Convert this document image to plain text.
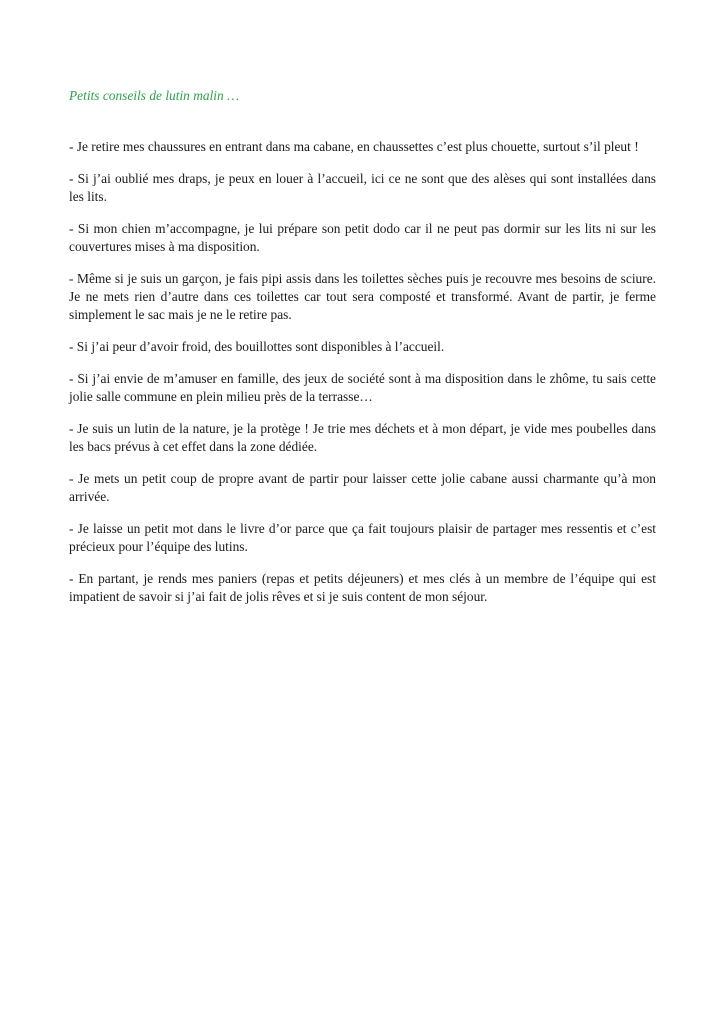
Petits conseils de lutin malin …

- Je retire mes chaussures en entrant dans ma cabane, en chaussettes c’est plus chouette, surtout s’il pleut !

- Si j’ai oublié mes draps, je peux en louer à l’accueil, ici ce ne sont que des alèses qui sont installées dans les lits.

- Si mon chien m’accompagne, je lui prépare son petit dodo car il ne peut pas dormir sur les lits ni sur les couvertures mises à ma disposition.

- Même si je suis un garçon, je fais pipi assis dans les toilettes sèches puis je recouvre mes besoins de sciure. Je ne mets rien d’autre dans ces toilettes car tout sera composté et transformé. Avant de partir, je ferme simplement le sac mais je ne le retire pas.

- Si j’ai peur d’avoir froid, des bouillottes sont disponibles à l’accueil.

- Si j’ai envie de m’amuser en famille, des jeux de société sont à ma disposition dans le zhôme, tu sais cette jolie salle commune en plein milieu près de la terrasse…

- Je suis un lutin de la nature, je la protège ! Je trie mes déchets et à mon départ, je vide mes poubelles dans les bacs prévus à cet effet dans la zone dédiée.

- Je mets un petit coup de propre avant de partir pour laisser cette jolie cabane aussi charmante qu’à mon arrivée.

- Je laisse un petit mot dans le livre d’or parce que ça fait toujours plaisir de partager mes ressentis et c’est précieux pour l’équipe des lutins.

- En partant, je rends mes paniers (repas et petits déjeuners) et mes clés à un membre de l’équipe qui est impatient de savoir si j’ai fait de jolis rêves et si je suis content de mon séjour.
